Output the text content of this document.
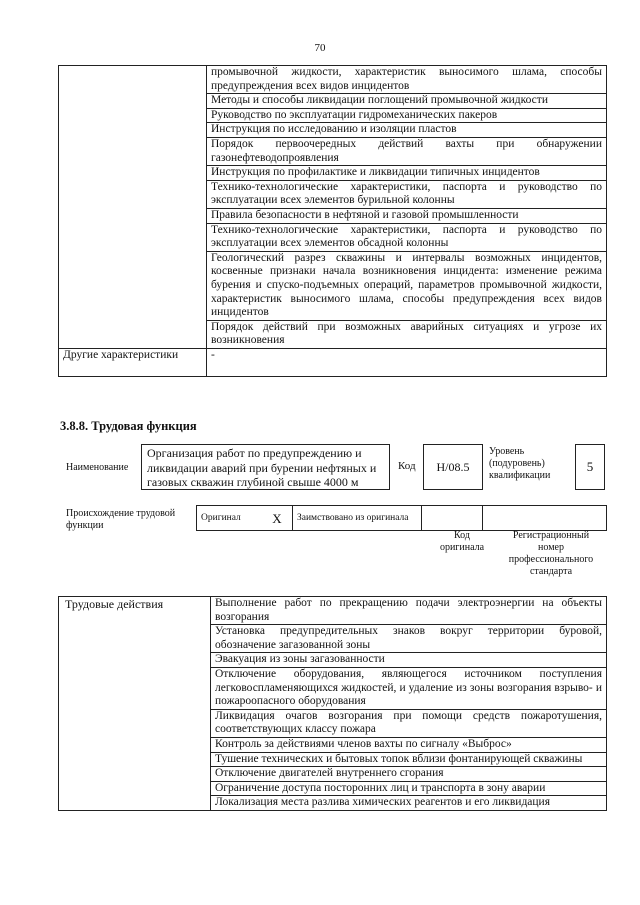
70
	промывочной жидкости, характеристик выносимого шлама, способы предупреждения всех видов инцидентов
	Методы и способы ликвидации поглощений промывочной жидкости
	Руководство по эксплуатации гидромеханических пакеров
	Инструкция по исследованию и изоляции пластов
	Порядок первоочередных действий вахты при обнаружении газонефтеводопроявления
	Инструкция по профилактике и ликвидации типичных инцидентов
	Технико-технологические характеристики, паспорта и руководство по эксплуатации всех элементов бурильной колонны
	Правила безопасности в нефтяной и газовой промышленности
	Технико-технологические характеристики, паспорта и руководство по эксплуатации всех элементов обсадной колонны
	Геологический разрез скважины и интервалы возможных инцидентов, косвенные признаки начала возникновения инцидента: изменение режима бурения и спуско-подъемных операций, параметров промывочной жидкости, характеристик выносимого шлама, способы предупреждения всех видов инцидентов
	Порядок действий при возможных аварийных ситуациях и угрозе их возникновения
Другие характеристики	-
3.8.8. Трудовая функция
Наименование
Организация работ по предупреждению и ликвидации аварий при бурении нефтяных и газовых скважин глубиной свыше 4000 м
Код	H/08.5
Уровень (подуровень) квалификации
5
Происхождение трудовой функции
Оригинал	X	Заимствовано из оригинала		
Код оригинала
Регистрационный номер профессионального стандарта
Трудовые действия	Выполнение работ по прекращению подачи электроэнергии на объекты возгорания
Установка предупредительных знаков вокруг территории буровой, обозначение загазованной зоны
Эвакуация из зоны загазованности
Отключение оборудования, являющегося источником поступления легковоспламеняющихся жидкостей, и удаление из зоны возгорания взрыво- и пожароопасного оборудования
Ликвидация очагов возгорания при помощи средств пожаротушения, соответствующих классу пожара
Контроль за действиями членов вахты по сигналу «Выброс»
Тушение технических и бытовых топок вблизи фонтанирующей скважины
Отключение двигателей внутреннего сгорания
Ограничение доступа посторонних лиц и транспорта в зону аварии
Локализация места разлива химических реагентов и его ликвидация
